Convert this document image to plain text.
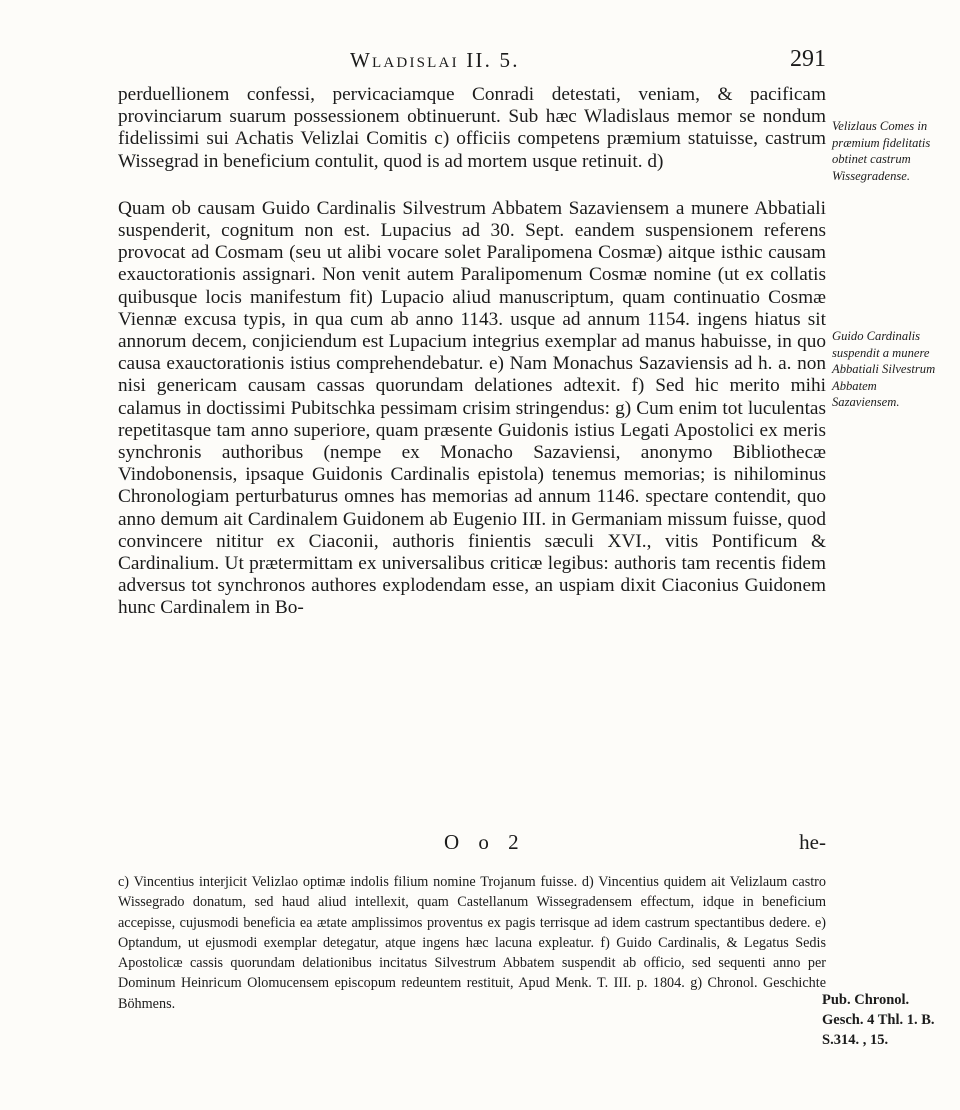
Wladislai II. 5.	291

perduellionem confessi, pervicaciamque Conradi detestati, veniam, & pacificam provinciarum suarum possessionem obtinuerunt. Sub hæc Wladislaus memor se nondum fidelissimi sui Achatis Velizlai Comitis c) officiis competens præmium statuisse, castrum Wissegrad in beneficium contulit, quod is ad mortem usque retinuit. d)

Quam ob causam Guido Cardinalis Silvestrum Abbatem Sazaviensem a munere Abbatiali suspenderit, cognitum non est. Lupacius ad 30. Sept. eandem suspensionem referens provocat ad Cosmam (seu ut alibi vocare solet Paralipomena Cosmæ) aitque isthic causam exauctorationis assignari. Non venit autem Paralipomenum Cosmæ nomine (ut ex collatis quibusque locis manifestum fit) Lupacio aliud manuscriptum, quam continuatio Cosmæ Viennæ excusa typis, in qua cum ab anno 1143. usque ad annum 1154. ingens hiatus sit annorum decem, conjiciendum est Lupacium integrius exemplar ad manus habuisse, in quo causa exauctorationis istius comprehendebatur. e) Nam Monachus Sazaviensis ad h. a. non nisi genericam causam cassas quorundam delationes adtexit. f) Sed hic merito mihi calamus in doctissimi Pubitschka pessimam crisim stringendus: g) Cum enim tot luculentas repetitasque tam anno superiore, quam præsente Guidonis istius Legati Apostolici ex meris synchronis authoribus (nempe ex Monacho Sazaviensi, anonymo Bibliothecæ Vindobonensis, ipsaque Guidonis Cardinalis epistola) tenemus memorias; is nihilominus Chronologiam perturbaturus omnes has memorias ad annum 1146. spectare contendit, quo anno demum ait Cardinalem Guidonem ab Eugenio III. in Germaniam missum fuisse, quod convincere nititur ex Ciaconii, authoris finientis sæculi XVI., vitis Pontificum & Cardinalium. Ut prætermittam ex universalibus criticæ legibus: authoris tam recentis fidem adversus tot synchronos authores explodendam esse, an uspiam dixit Ciaconius Guidonem hunc Cardinalem in Bo-

O o 2	he-

c) Vincentius interjicit Velizlao optimæ indolis filium nomine Trojanum fuisse. d) Vincentius quidem ait Velizlaum castro Wissegrado donatum, sed haud aliud intellexit, quam Castellanum Wissegradensem effectum, idque in beneficium accepisse, cujusmodi beneficia ea ætate amplissimos proventus ex pagis terrisque ad idem castrum spectantibus dedere. e) Optandum, ut ejusmodi exemplar detegatur, atque ingens hæc lacuna expleatur. f) Guido Cardinalis, & Legatus Sedis Apostolicæ cassis quorundam delationibus incitatus Silvestrum Abbatem suspendit ab officio, sed sequenti anno per Dominum Heinricum Olomucensem episcopum redeuntem restituit, Apud Menk. T. III. p. 1804. g) Chronol. Geschichte Böhmens.

Velizlaus Comes in præmium fidelitatis obtinet castrum Wissegradense.
Guido Cardinalis suspendit a munere Abbatiali Silvestrum Abbatem Sazaviensem.
Pub. Chronol. Gesch. 4 Thl. 1. B. S.314. , 15.
